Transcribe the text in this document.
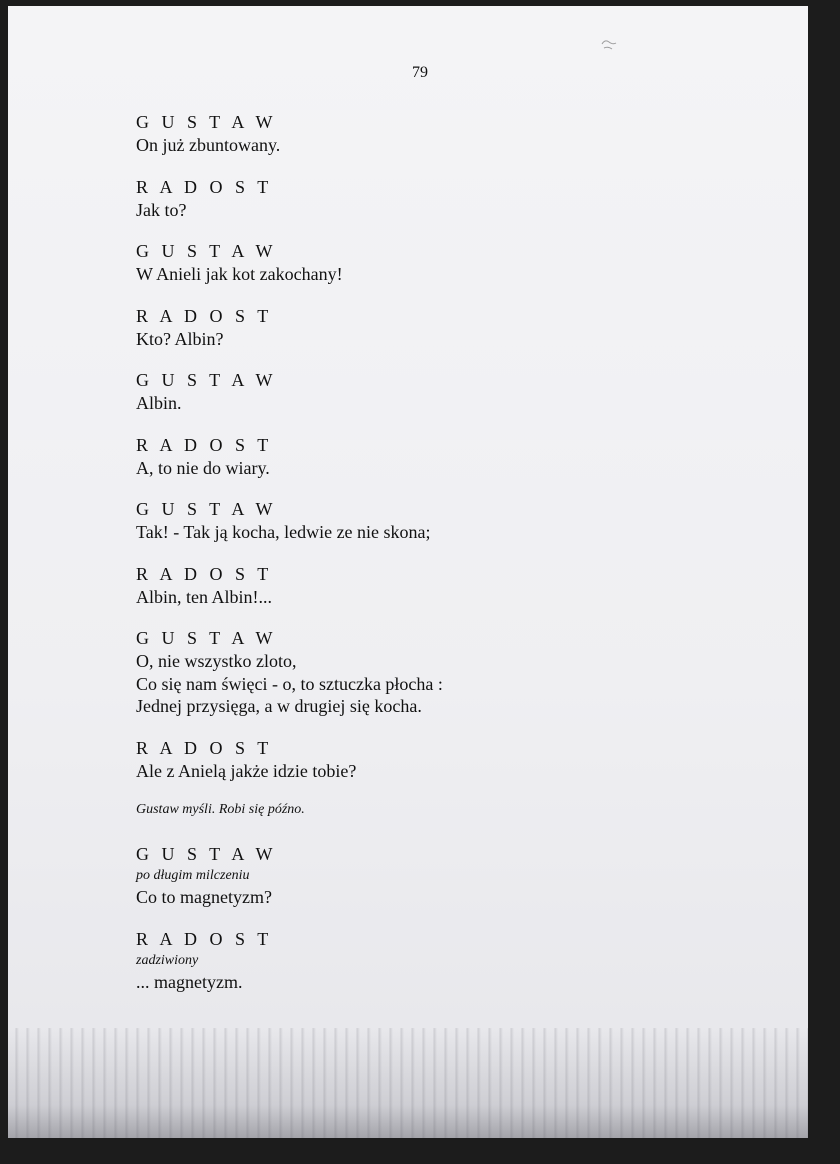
79

G U S T A W

On już zbuntowany.

R A D O S T

Jak to?

G U S T A W

W Anieli jak kot zakochany!

R A D O S T

Kto? Albin?

G U S T A W

Albin.

R A D O S T

A, to nie do wiary.

G U S T A W

Tak! - Tak ją kocha, ledwie ze nie skona;

R A D O S T

Albin, ten Albin!...

G U S T A W

O, nie wszystko zloto,

Co się nam święci - o, to sztuczka płocha :

Jednej przysięga, a w drugiej się kocha.

R A D O S T

Ale z Anielą jakże idzie tobie?

Gustaw myśli. Robi się późno.

G U S T A W

po długim milczeniu

Co to magnetyzm?

R A D O S T

zadziwiony

... magnetyzm.
